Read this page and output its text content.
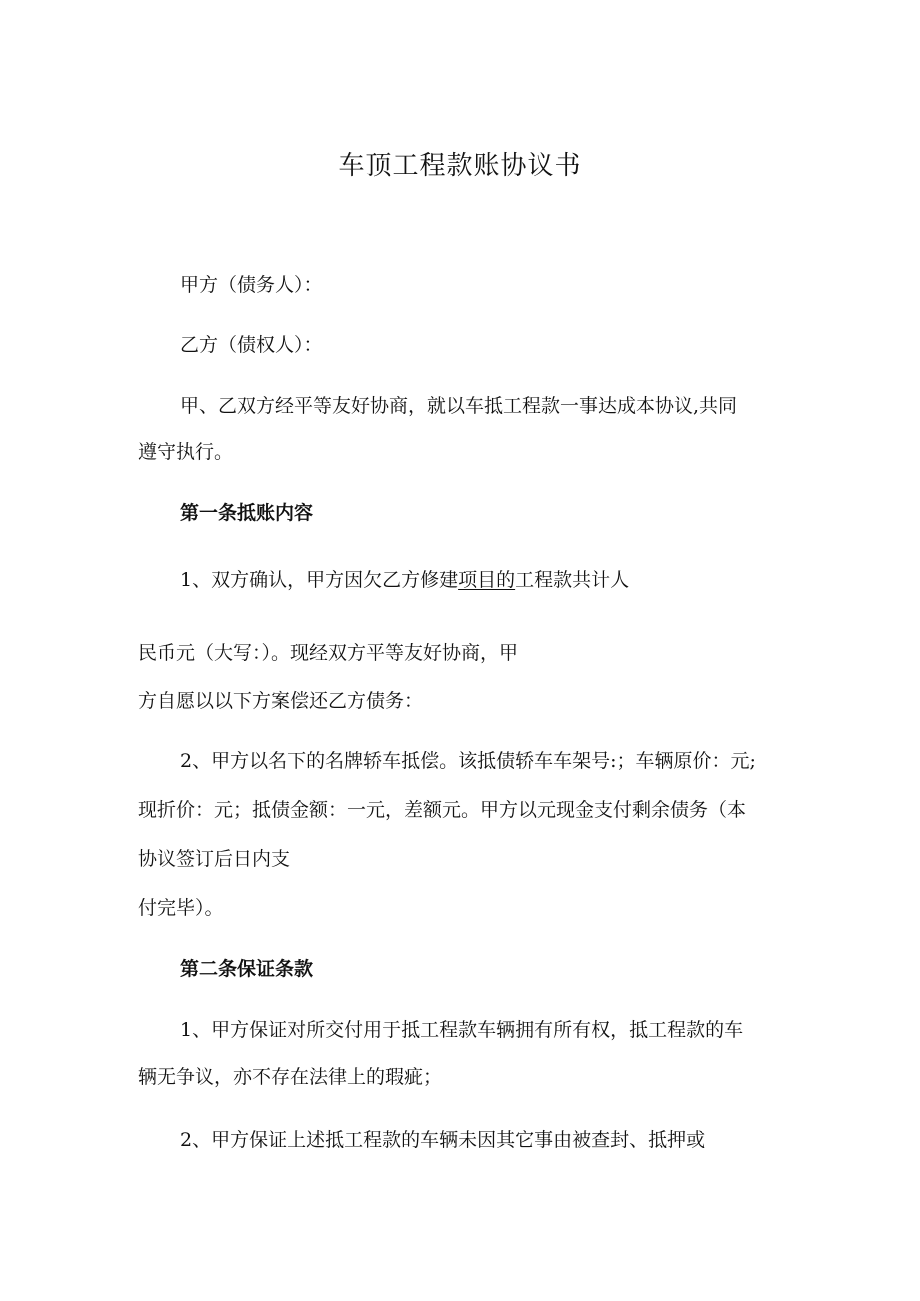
车顶工程款账协议书
甲方（债务人）：
乙方（债权人）：
甲、乙双方经平等友好协商，就以车抵工程款一事达成本协议,共同
遵守执行。
第一条抵账内容
1、双方确认，甲方因欠乙方修建项目的工程款共计人
民币元（大写：）。现经双方平等友好协商，甲
方自愿以以下方案偿还乙方债务：
2、甲方以名下的名牌轿车抵偿。该抵债轿车车架号:；车辆原价：元;
现折价：元；抵债金额：一元，差额元。甲方以元现金支付剩余债务（本
协议签订后日内支
付完毕）。
第二条保证条款
1、甲方保证对所交付用于抵工程款车辆拥有所有权，抵工程款的车
辆无争议，亦不存在法律上的瑕疵；
2、甲方保证上述抵工程款的车辆未因其它事由被查封、抵押或
